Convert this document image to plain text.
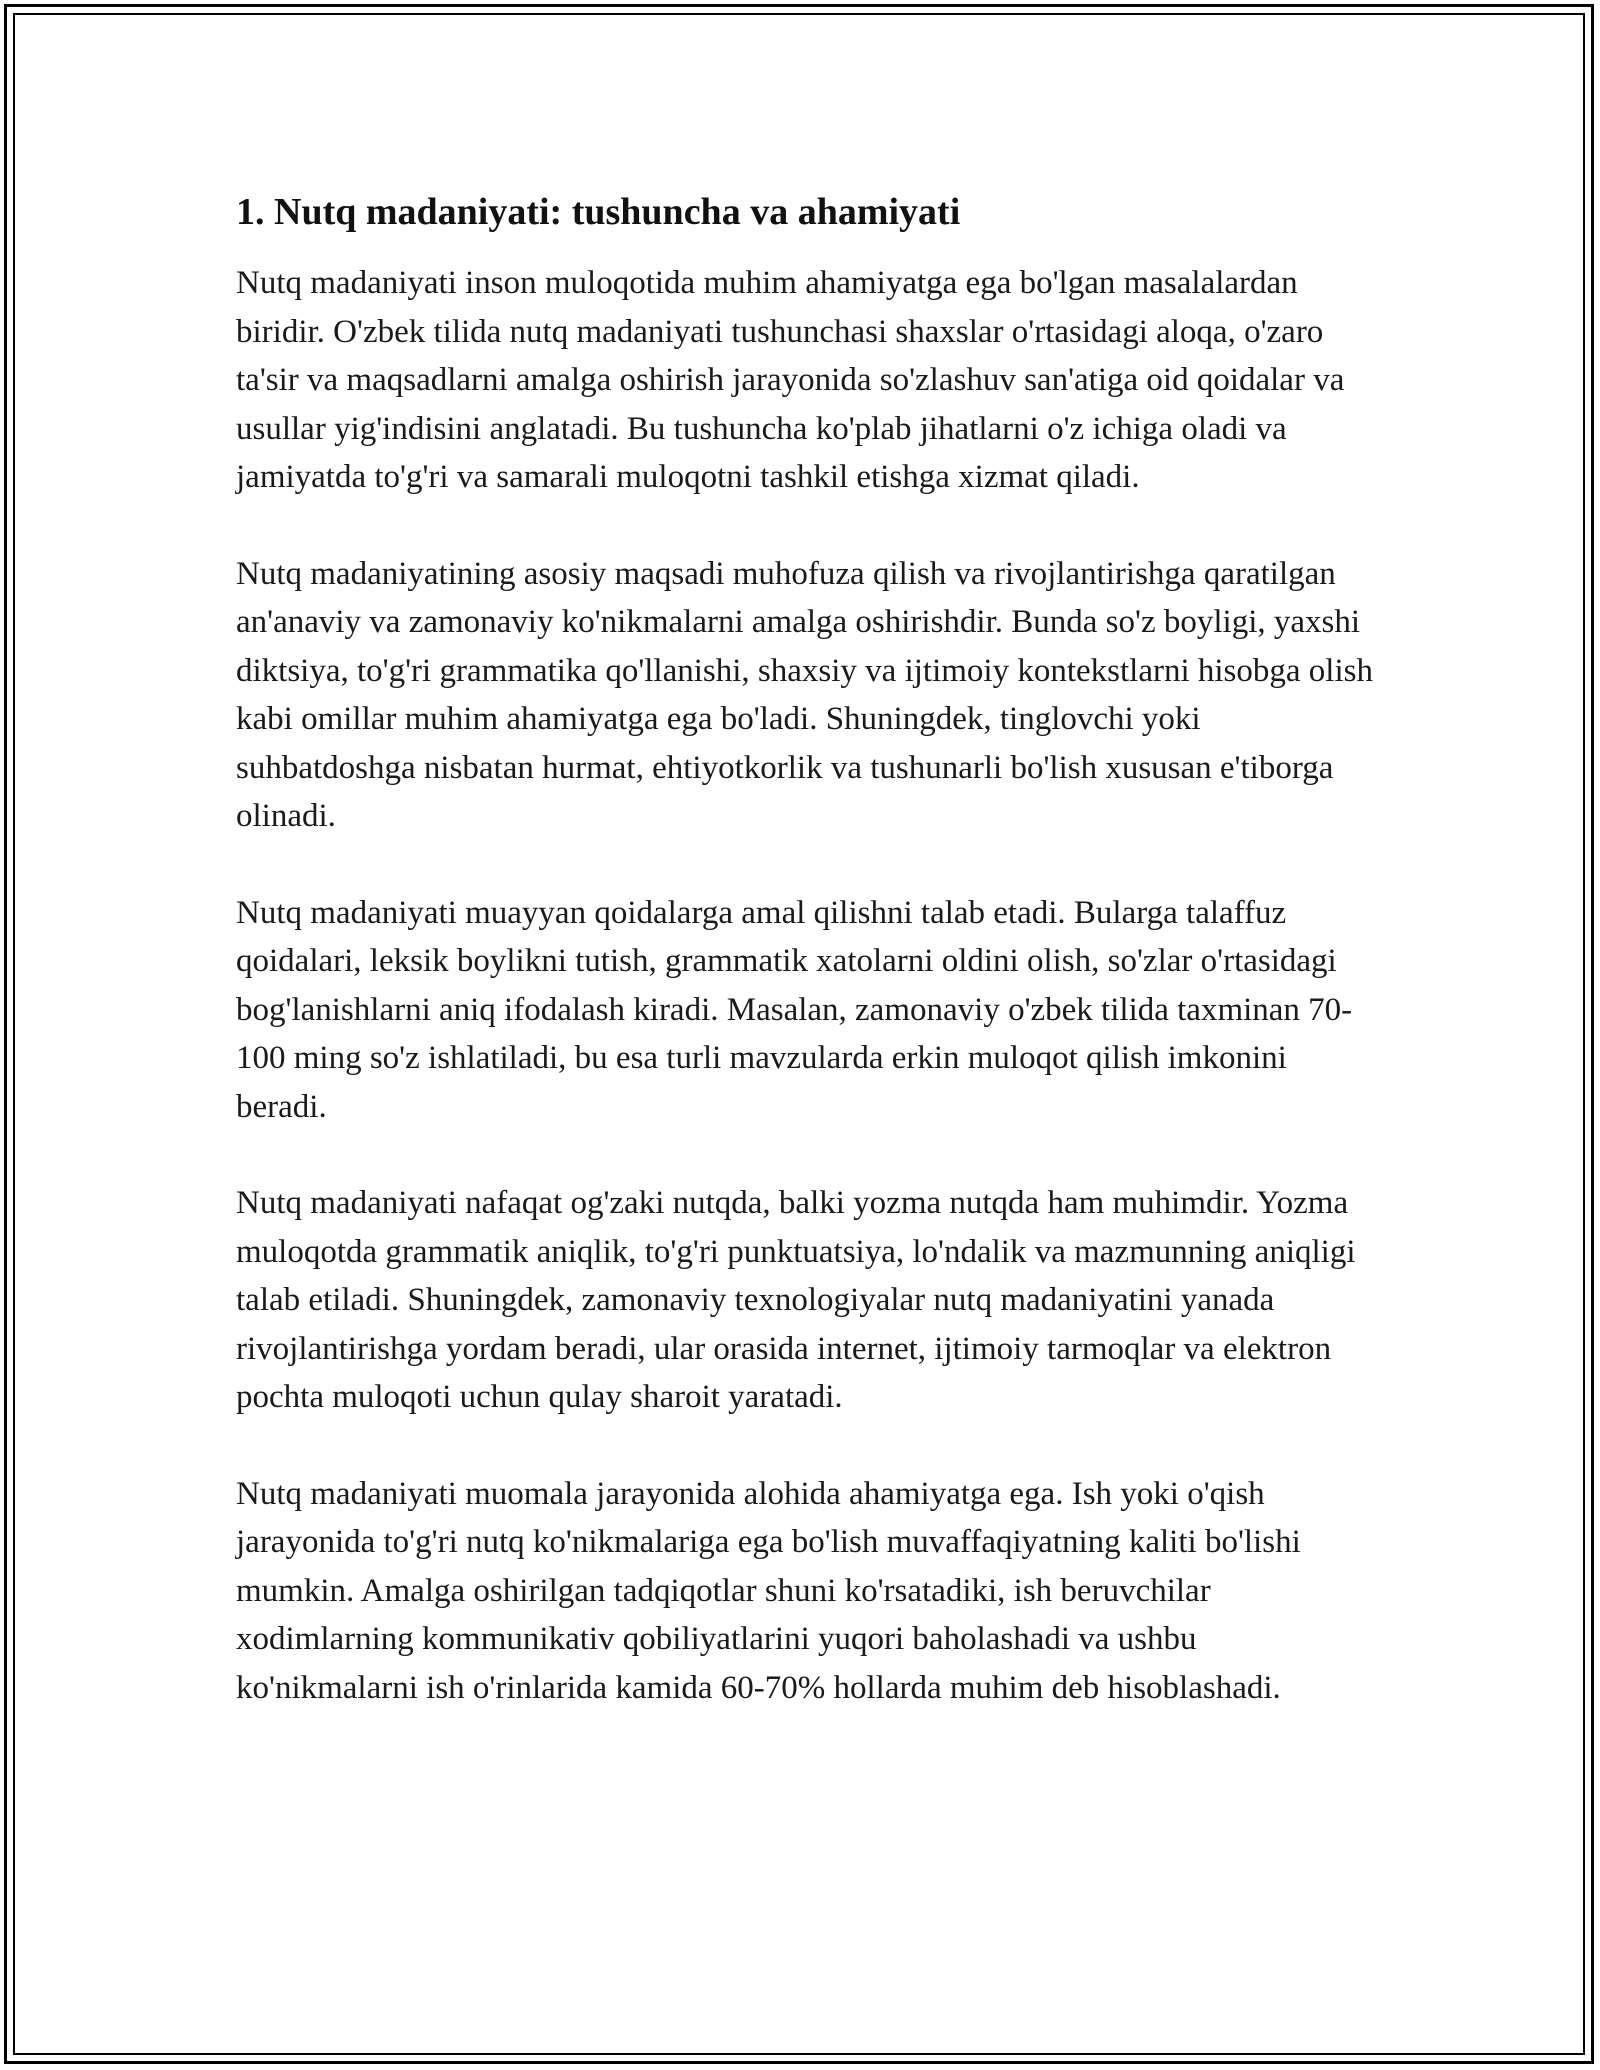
1. Nutq madaniyati: tushuncha va ahamiyati

Nutq madaniyati inson muloqotida muhim ahamiyatga ega bo'lgan masalalardan biridir. O'zbek tilida nutq madaniyati tushunchasi shaxslar o'rtasidagi aloqa, o'zaro ta'sir va maqsadlarni amalga oshirish jarayonida so'zlashuv san'atiga oid qoidalar va usullar yig'indisini anglatadi. Bu tushuncha ko'plab jihatlarni o'z ichiga oladi va jamiyatda to'g'ri va samarali muloqotni tashkil etishga xizmat qiladi.

Nutq madaniyatining asosiy maqsadi muhofuza qilish va rivojlantirishga qaratilgan an'anaviy va zamonaviy ko'nikmalarni amalga oshirishdir. Bunda so'z boyligi, yaxshi diktsiya, to'g'ri grammatika qo'llanishi, shaxsiy va ijtimoiy kontekstlarni hisobga olish kabi omillar muhim ahamiyatga ega bo'ladi. Shuningdek, tinglovchi yoki suhbatdoshga nisbatan hurmat, ehtiyotkorlik va tushunarli bo'lish xususan e'tiborga olinadi.

Nutq madaniyati muayyan qoidalarga amal qilishni talab etadi. Bularga talaffuz qoidalari, leksik boylikni tutish, grammatik xatolarni oldini olish, so'zlar o'rtasidagi bog'lanishlarni aniq ifodalash kiradi. Masalan, zamonaviy o'zbek tilida taxminan 70-100 ming so'z ishlatiladi, bu esa turli mavzularda erkin muloqot qilish imkonini beradi.

Nutq madaniyati nafaqat og'zaki nutqda, balki yozma nutqda ham muhimdir. Yozma muloqotda grammatik aniqlik, to'g'ri punktuatsiya, lo'ndalik va mazmunning aniqligi talab etiladi. Shuningdek, zamonaviy texnologiyalar nutq madaniyatini yanada rivojlantirishga yordam beradi, ular orasida internet, ijtimoiy tarmoqlar va elektron pochta muloqoti uchun qulay sharoit yaratadi.

Nutq madaniyati muomala jarayonida alohida ahamiyatga ega. Ish yoki o'qish jarayonida to'g'ri nutq ko'nikmalariga ega bo'lish muvaffaqiyatning kaliti bo'lishi mumkin. Amalga oshirilgan tadqiqotlar shuni ko'rsatadiki, ish beruvchilar xodimlarning kommunikativ qobiliyatlarini yuqori baholashadi va ushbu ko'nikmalarni ish o'rinlarida kamida 60-70% hollarda muhim deb hisoblashadi.
